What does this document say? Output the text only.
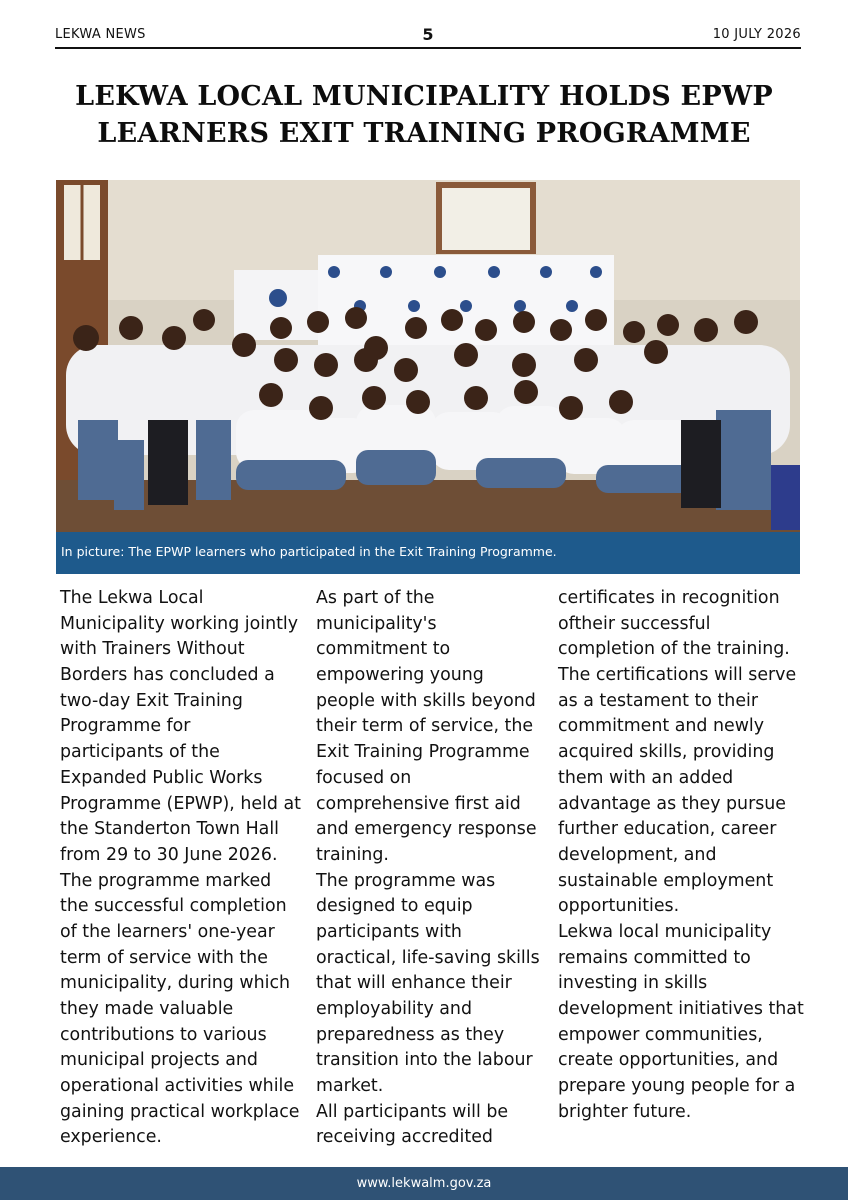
LEKWA NEWS	5	10 JULY 2026
LEKWA LOCAL MUNICIPALITY HOLDS EPWP
LEARNERS EXIT TRAINING PROGRAMME
In picture: The EPWP learners who participated in the Exit Training Programme.
The Lekwa Local
Municipality working jointly
with Trainers Without
Borders has concluded a
two-day Exit Training
Programme for
participants of the
Expanded Public Works
Programme (EPWP), held at
the Standerton Town Hall
from 29 to 30 June 2026.
The programme marked
the successful completion
of the learners' one-year
term of service with the
municipality, during which
they made valuable
contributions to various
municipal projects and
operational activities while
gaining practical workplace
experience.
As part of the
municipality's
commitment to
empowering young
people with skills beyond
their term of service, the
Exit Training Programme
focused on
comprehensive first aid
and emergency response
training.
The programme was
designed to equip
participants with
oractical, life-saving skills
that will enhance their
employability and
preparedness as they
transition into the labour
market.
All participants will be
receiving accredited
certificates in recognition
oftheir successful
completion of the training.
The certifications will serve
as a testament to their
commitment and newly
acquired skills, providing
them with an added
advantage as they pursue
further education, career
development, and
sustainable employment
opportunities.
Lekwa local municipality
remains committed to
investing in skills
development initiatives that
empower communities,
create opportunities, and
prepare young people for a
brighter future.
www.lekwalm.gov.za
